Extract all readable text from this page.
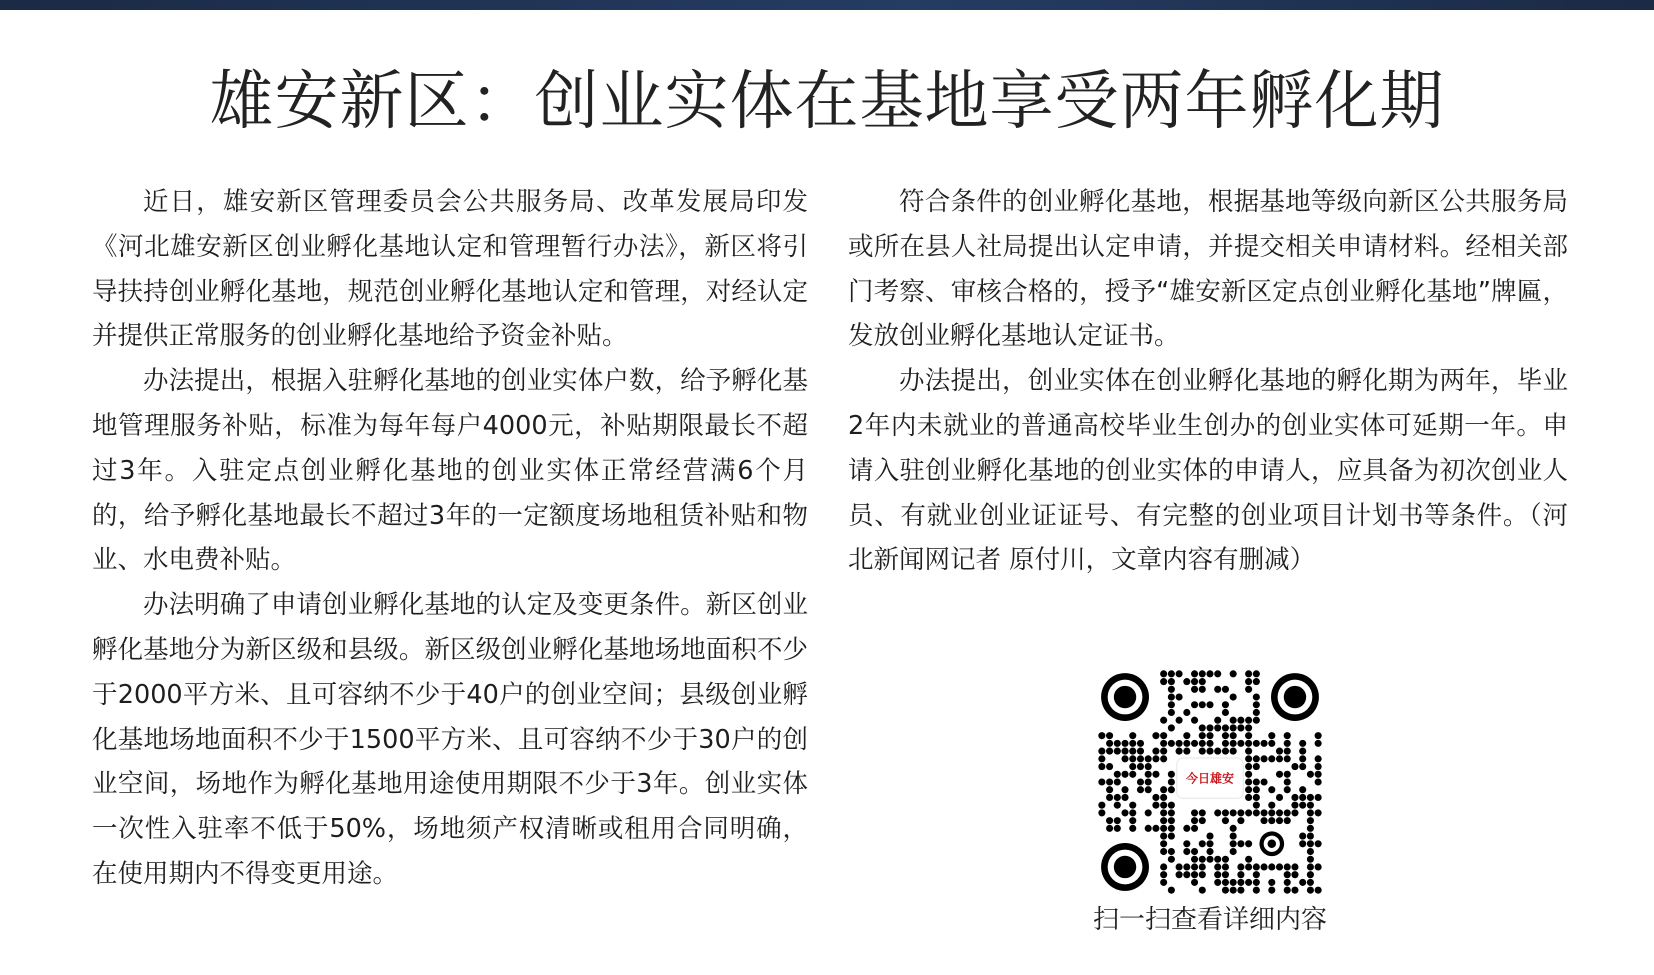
雄安新区：创业实体在基地享受两年孵化期

近日，雄安新区管理委员会公共服务局、改革发展局印发《河北雄安新区创业孵化基地认定和管理暂行办法》，新区将引导扶持创业孵化基地，规范创业孵化基地认定和管理，对经认定并提供正常服务的创业孵化基地给予资金补贴。

办法提出，根据入驻孵化基地的创业实体户数，给予孵化基地管理服务补贴，标准为每年每户4000元，补贴期限最长不超过3年。入驻定点创业孵化基地的创业实体正常经营满6个月的，给予孵化基地最长不超过3年的一定额度场地租赁补贴和物业、水电费补贴。

办法明确了申请创业孵化基地的认定及变更条件。新区创业孵化基地分为新区级和县级。新区级创业孵化基地场地面积不少于2000平方米、且可容纳不少于40户的创业空间；县级创业孵化基地场地面积不少于1500平方米、且可容纳不少于30户的创业空间，场地作为孵化基地用途使用期限不少于3年。创业实体一次性入驻率不低于50%，场地须产权清晰或租用合同明确，在使用期内不得变更用途。

符合条件的创业孵化基地，根据基地等级向新区公共服务局或所在县人社局提出认定申请，并提交相关申请材料。经相关部门考察、审核合格的，授予“雄安新区定点创业孵化基地”牌匾，发放创业孵化基地认定证书。

办法提出，创业实体在创业孵化基地的孵化期为两年，毕业2年内未就业的普通高校毕业生创办的创业实体可延期一年。申请入驻创业孵化基地的创业实体的申请人，应具备为初次创业人员、有就业创业证证号、有完整的创业项目计划书等条件。（河北新闻网记者 原付川，文章内容有删减）

今日雄安
扫一扫查看详细内容
